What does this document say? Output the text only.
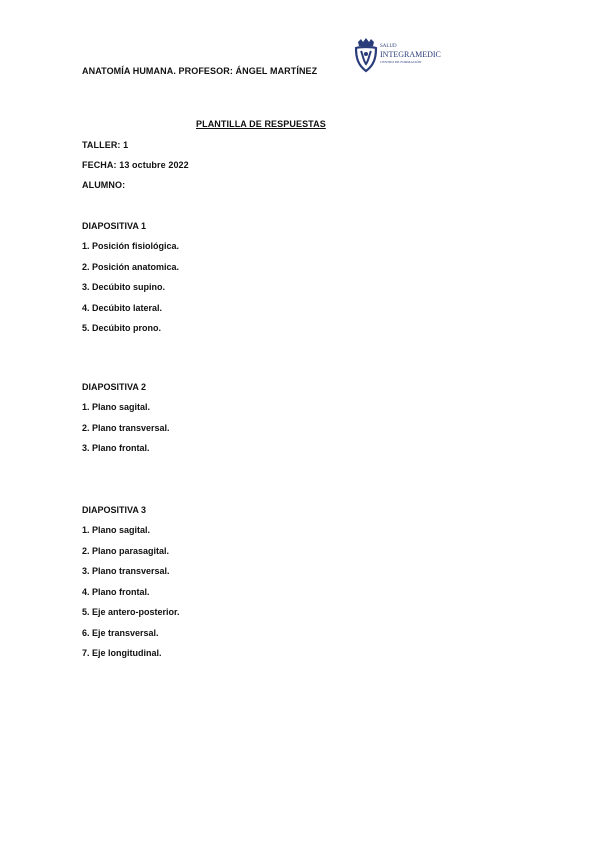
SALUD
INTEGRAMEDIC
CENTRO DE FORMACIÓN
ANATOMÍA HUMANA. PROFESOR: ÁNGEL MARTÍNEZ
PLANTILLA DE RESPUESTAS
TALLER: 1
FECHA: 13 octubre 2022
ALUMNO:
DIAPOSITIVA 1
1. Posición fisiológica.
2. Posición anatomica.
3. Decúbito supino.
4. Decúbito lateral.
5. Decúbito prono.
DIAPOSITIVA 2
1. Plano sagital.
2. Plano transversal.
3. Plano frontal.
DIAPOSITIVA 3
1. Plano sagital.
2. Plano parasagital.
3. Plano transversal.
4. Plano frontal.
5. Eje antero-posterior.
6. Eje transversal.
7. Eje longitudinal.
